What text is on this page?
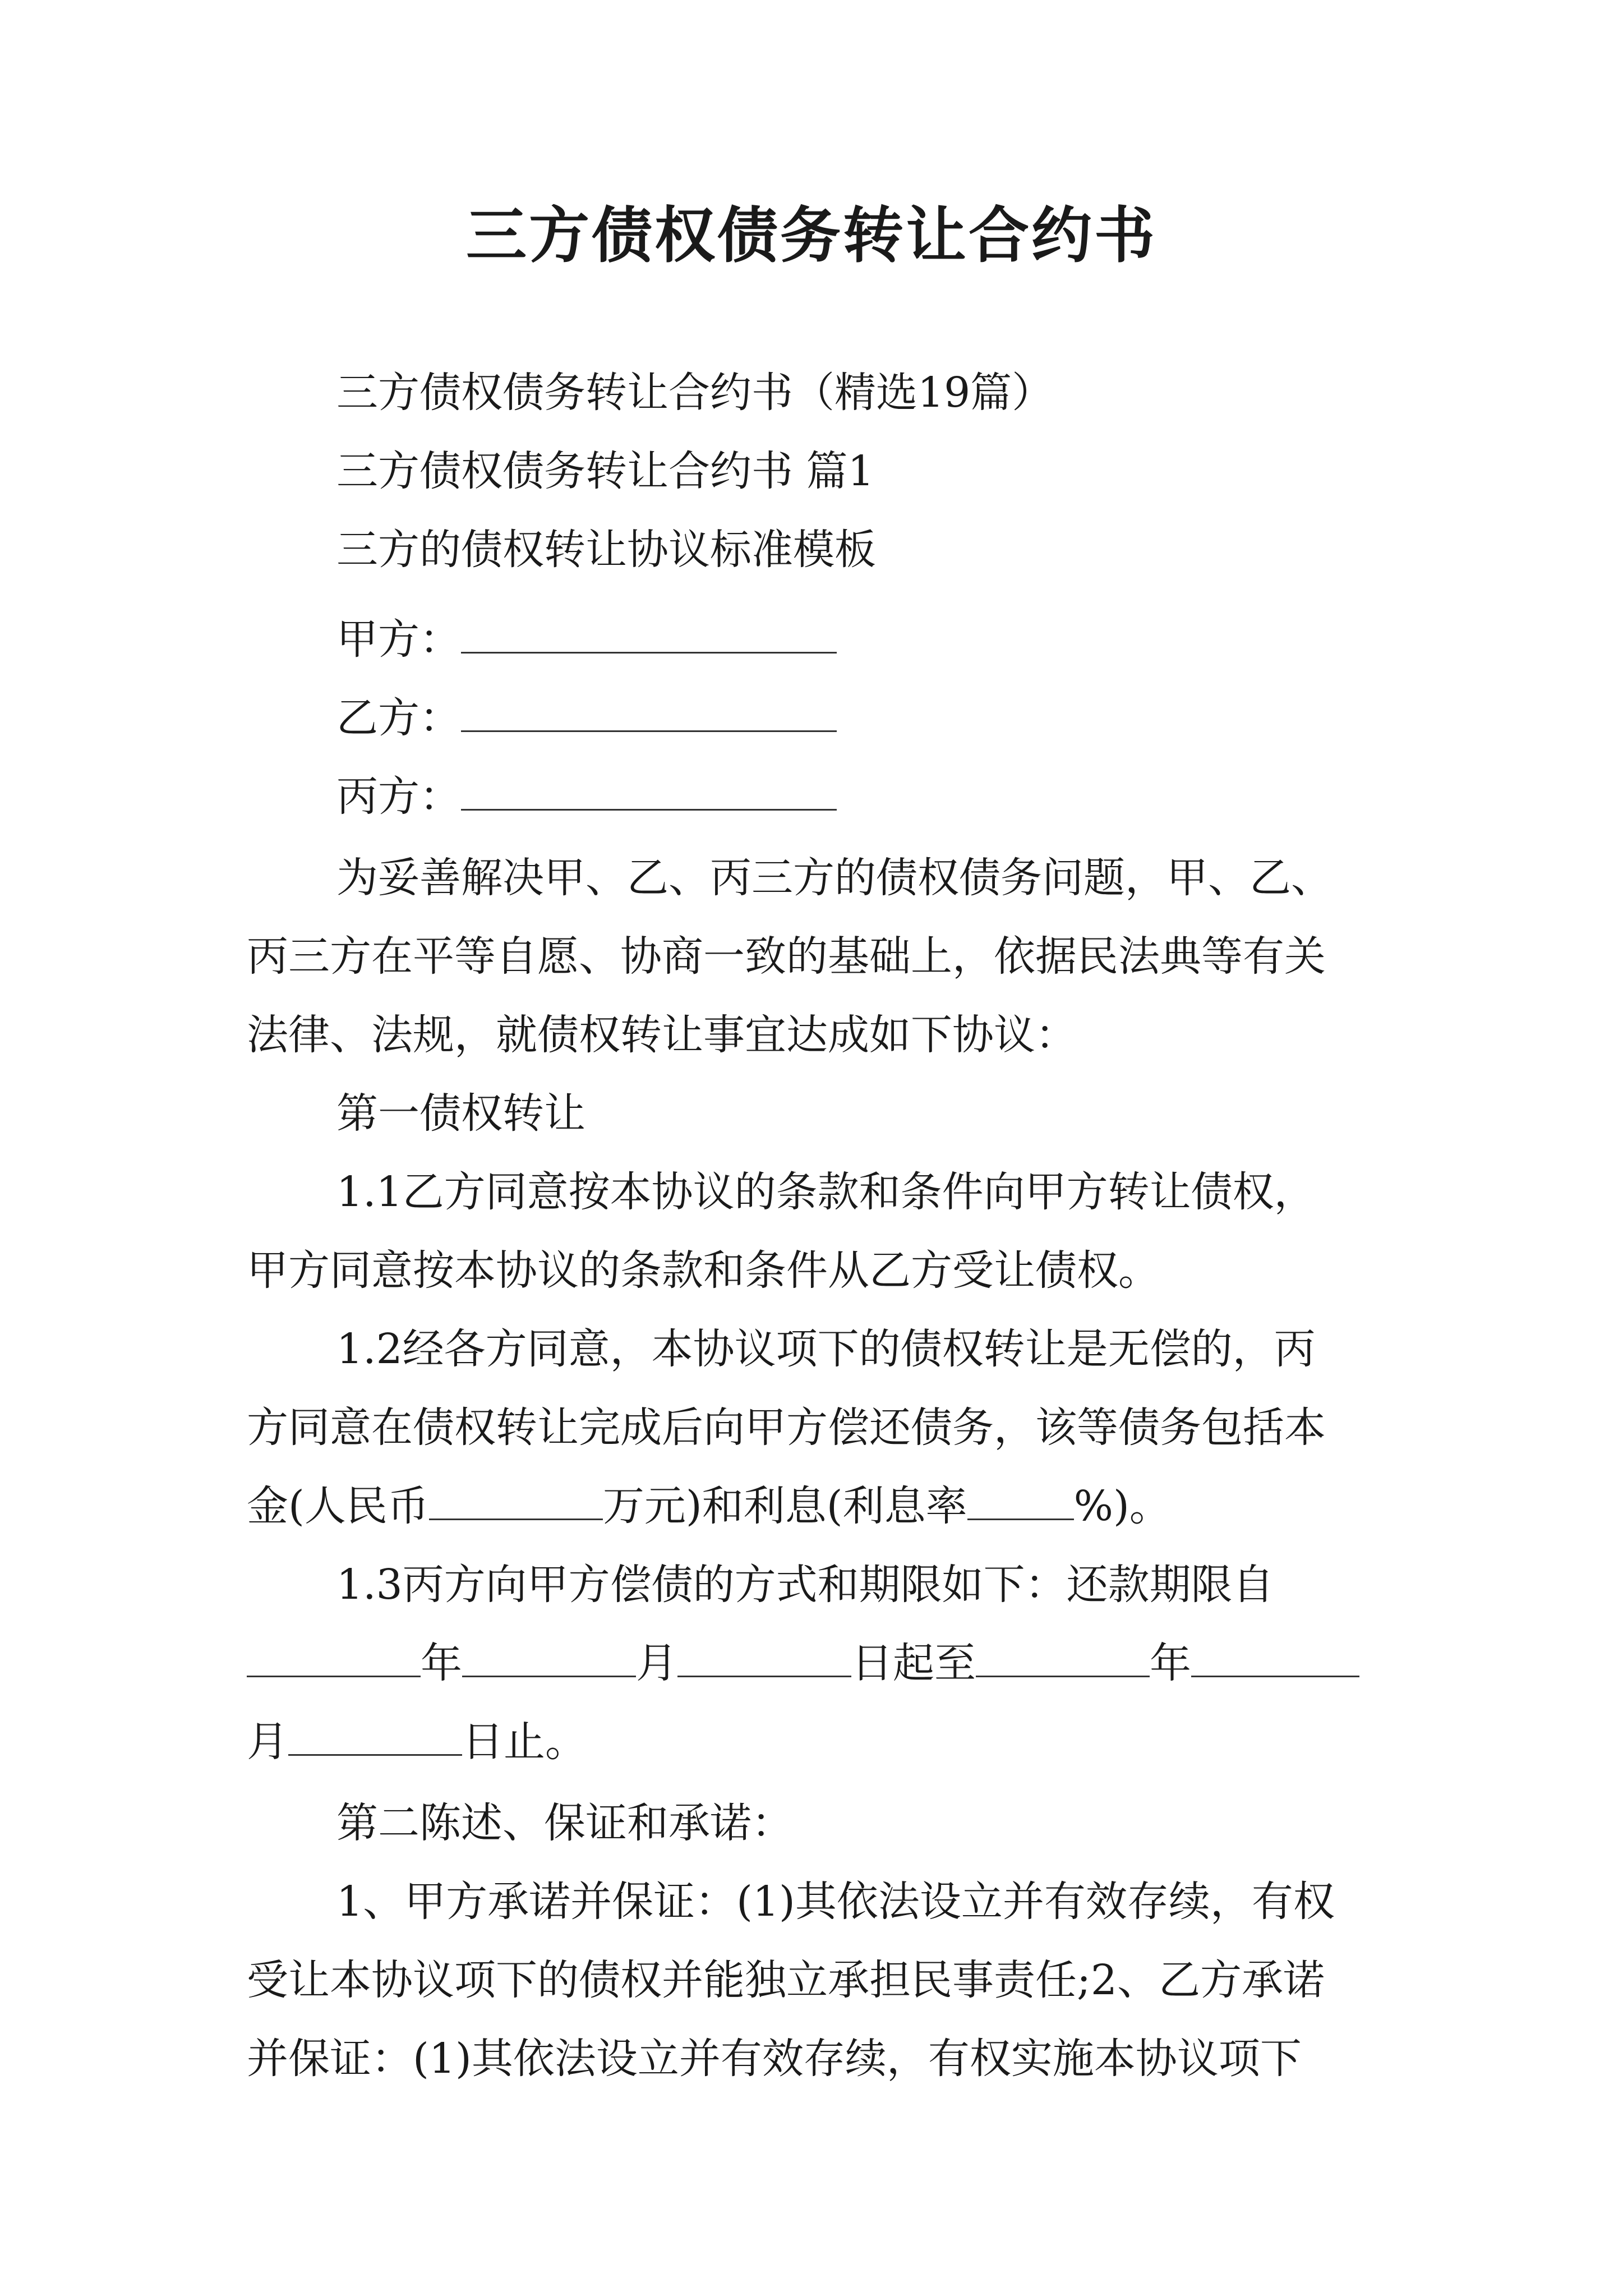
三方债权债务转让合约书
三方债权债务转让合约书（精选19篇）
三方债权债务转让合约书 篇1
三方的债权转让协议标准模板
甲方：
乙方：
丙方：
为妥善解决甲、乙、丙三方的债权债务问题，甲、乙、
丙三方在平等自愿、协商一致的基础上，依据民法典等有关
法律、法规，就债权转让事宜达成如下协议：
第一债权转让
1.1乙方同意按本协议的条款和条件向甲方转让债权，
甲方同意按本协议的条款和条件从乙方受让债权。
1.2经各方同意，本协议项下的债权转让是无偿的，丙
方同意在债权转让完成后向甲方偿还债务，该等债务包括本
金(人民币	万元)和利息(利息率	%)。
1.3丙方向甲方偿债的方式和期限如下：还款期限自
年	月	日起至	年
月	日止。
第二陈述、保证和承诺：
1、甲方承诺并保证：(1)其依法设立并有效存续，有权
受让本协议项下的债权并能独立承担民事责任;2、乙方承诺
并保证：(1)其依法设立并有效存续，有权实施本协议项下
